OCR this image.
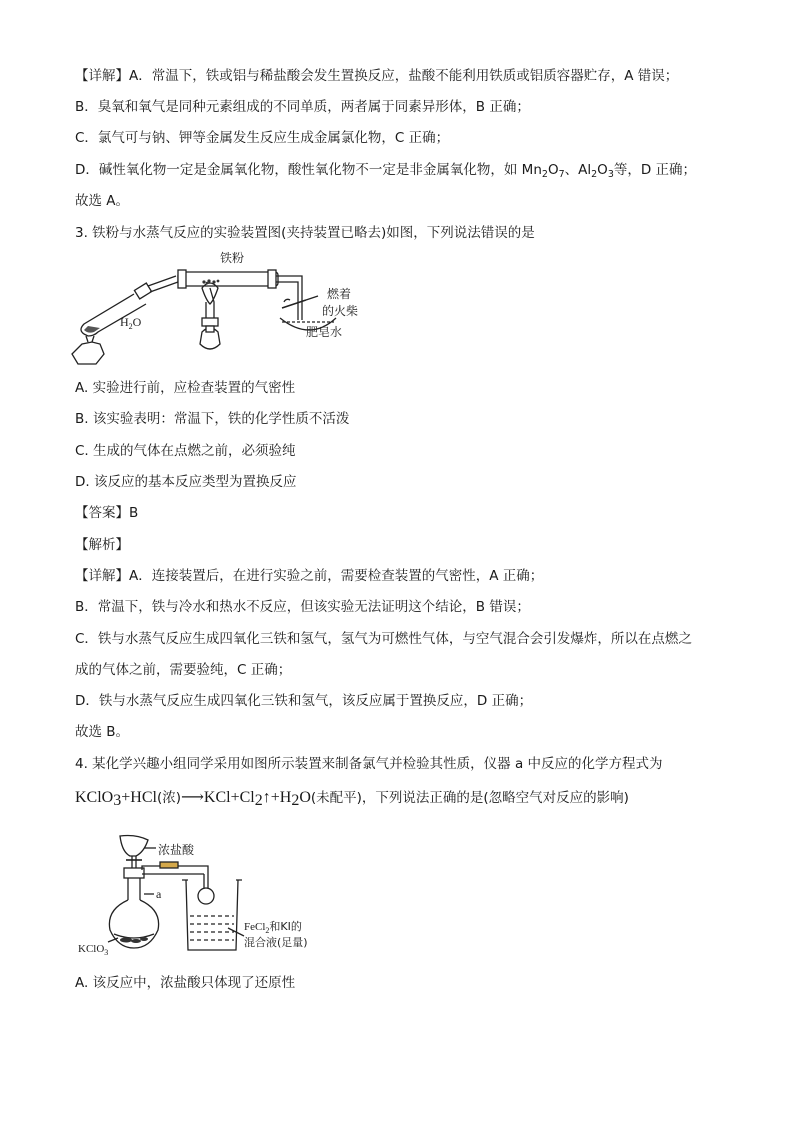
【详解】A．常温下，铁或铝与稀盐酸会发生置换反应，盐酸不能利用铁质或铝质容器贮存，A 错误；
B．臭氧和氧气是同种元素组成的不同单质，两者属于同素异形体，B 正确；
C．氯气可与钠、钾等金属发生反应生成金属氯化物，C 正确；
D．碱性氧化物一定是金属氧化物，酸性氧化物不一定是非金属氧化物，如 $Mn_2O_7$、$Al_2O_3$等，D 正确；
故选 A。
3. 铁粉与水蒸气反应的实验装置图(夹持装置已略去)如图，下列说法错误的是
铁粉
$H_2O$
燃着
的火柴
肥皂水
A. 实验进行前，应检查装置的气密性
B. 该实验表明：常温下，铁的化学性质不活泼
C. 生成的气体在点燃之前，必须验纯
D. 该反应的基本反应类型为置换反应
【答案】B
【解析】
【详解】A．连接装置后，在进行实验之前，需要检查装置的气密性，A 正确；
B．常温下，铁与冷水和热水不反应，但该实验无法证明这个结论，B 错误；
C．铁与水蒸气反应生成四氧化三铁和氢气，氢气为可燃性气体，与空气混合会引发爆炸，所以在点燃之
成的气体之前，需要验纯，C 正确；
D．铁与水蒸气反应生成四氧化三铁和氢气，该反应属于置换反应，D 正确；
故选 B。
4. 某化学兴趣小组同学采用如图所示装置来制备氯气并检验其性质，仪器 a 中反应的化学方程式为
KClO3+HCl(浓)⟶KCl+Cl2↑+H2O(未配平)，下列说法正确的是(忽略空气对反应的影响)
浓盐酸
a
KClO$_3$
FeCl$_2$和KI的
混合液(足量)
A. 该反应中，浓盐酸只体现了还原性
